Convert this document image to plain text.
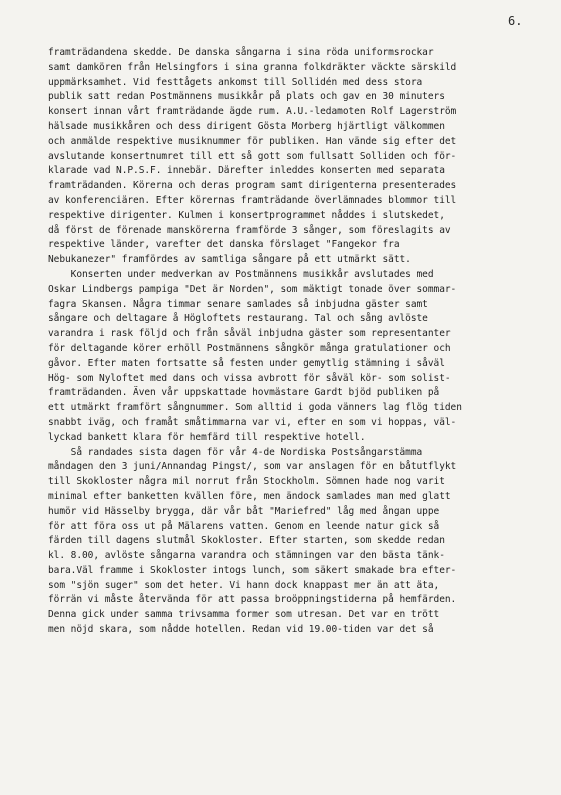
6.
framträdandena skedde. De danska sångarna i sina röda uniformsrockar
samt damkören från Helsingfors i sina granna folkdräkter väckte särskild
uppmärksamhet. Vid festtågets ankomst till Sollidén med dess stora
publik satt redan Postmännens musikkår på plats och gav en 30 minuters
konsert innan vårt framträdande ägde rum. A.U.-ledamoten Rolf Lagerström
hälsade musikkåren och dess dirigent Gösta Morberg hjärtligt välkommen
och anmälde respektive musiknummer för publiken. Han vände sig efter det
avslutande konsertnumret till ett så gott som fullsatt Solliden och för-
klarade vad N.P.S.F. innebär. Därefter inleddes konserten med separata
framträdanden. Körerna och deras program samt dirigenterna presenterades
av konferenciären. Efter körernas framträdande överlämnades blommor till
respektive dirigenter. Kulmen i konsertprogrammet nåddes i slutskedet,
då först de förenade manskörerna framförde 3 sånger, som föreslagits av
respektive länder, varefter det danska förslaget "Fangekor fra
Nebukanezer" framfördes av samtliga sångare på ett utmärkt sätt.
Konserten under medverkan av Postmännens musikkår avslutades med
Oskar Lindbergs pampiga "Det är Norden", som mäktigt tonade över sommar-
fagra Skansen. Några timmar senare samlades så inbjudna gäster samt
sångare och deltagare å Högloftets restaurang. Tal och sång avlöste
varandra i rask följd och från såväl inbjudna gäster som representanter
för deltagande körer erhöll Postmännens sångkör många gratulationer och
gåvor. Efter maten fortsatte så festen under gemytlig stämning i såväl
Hög- som Nyloftet med dans och vissa avbrott för såväl kör- som solist-
framträdanden. Även vår uppskattade hovmästare Gardt bjöd publiken på
ett utmärkt framfört sångnummer. Som alltid i goda vänners lag flög tiden
snabbt iväg, och framåt småtimmarna var vi, efter en som vi hoppas, väl-
lyckad bankett klara för hemfärd till respektive hotell.
Så randades sista dagen för vår 4-de Nordiska Postsångarstämma
måndagen den 3 juni/Annandag Pingst/, som var anslagen för en båtutflykt
till Skokloster några mil norrut från Stockholm. Sömnen hade nog varit
minimal efter banketten kvällen före, men ändock samlades man med glatt
humör vid Hässelby brygga, där vår båt "Mariefred" låg med ångan uppe
för att föra oss ut på Mälarens vatten. Genom en leende natur gick så
färden till dagens slutmål Skokloster. Efter starten, som skedde redan
kl. 8.00, avlöste sångarna varandra och stämningen var den bästa tänk-
bara.Väl framme i Skokloster intogs lunch, som säkert smakade bra efter-
som "sjön suger" som det heter. Vi hann dock knappast mer än att äta,
förrän vi måste återvända för att passa broöppningstiderna på hemfärden.
Denna gick under samma trivsamma former som utresan. Det var en trött
men nöjd skara, som nådde hotellen. Redan vid 19.00-tiden var det så
